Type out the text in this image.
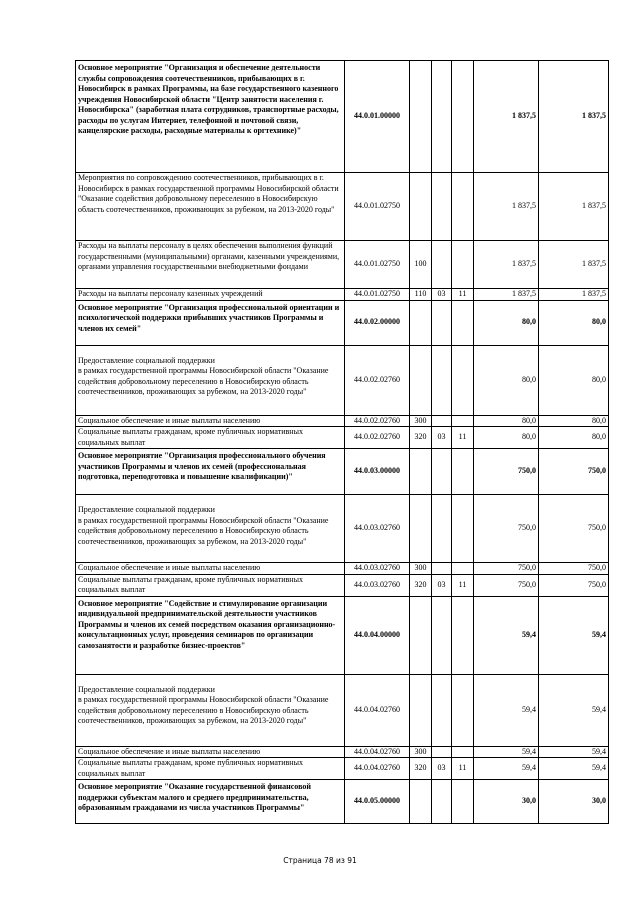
Основное мероприятие "Организация и обеспечение деятельности службы сопровождения соотечественников, прибывающих в г. Новосибирск в рамках Программы, на базе государственного казенного учреждения Новосибирской области "Центр занятости населения г. Новосибирска" (заработная плата сотрудников, транспортные расходы, расходы по услугам Интернет, телефонной и почтовой связи, канцелярские расходы, расходные материалы к оргтехнике)"	44.0.01.00000				1 837,5	1 837,5
Мероприятия по сопровождению соотечественников, прибывающих в г. Новосибирск в рамках государственной программы Новосибирской области "Оказание содействия добровольному переселению в Новосибирскую область соотечественников, проживающих за рубежом, на 2013-2020 годы"	44.0.01.02750				1 837,5	1 837,5
Расходы на выплаты персоналу в целях обеспечения выполнения функций государственными (муниципальными) органами, казенными учреждениями, органами управления государственными внебюджетными фондами	44.0.01.02750	100			1 837,5	1 837,5
Расходы на выплаты персоналу казенных учреждений	44.0.01.02750	110	03	11	1 837,5	1 837,5
Основное мероприятие "Организация профессиональной ориентации и психологической поддержки прибывших участников Программы и членов их семей"	44.0.02.00000				80,0	80,0
Предоставление социальной поддержки
в рамках государственной программы Новосибирской области "Оказание содействия добровольному переселению в Новосибирскую область соотечественников, проживающих за рубежом, на 2013-2020 годы"	44.0.02.02760				80,0	80,0
Социальное обеспечение и иные выплаты населению	44.0.02.02760	300			80,0	80,0
Социальные выплаты гражданам, кроме публичных нормативных социальных выплат	44.0.02.02760	320	03	11	80,0	80,0
Основное мероприятие "Организация профессионального обучения участников Программы и членов их семей (профессиональная подготовка, переподготовка и повышение квалификации)"	44.0.03.00000				750,0	750,0
Предоставление социальной поддержки
в рамках государственной программы Новосибирской области "Оказание содействия добровольному переселению в Новосибирскую область соотечественников, проживающих за рубежом, на 2013-2020 годы"	44.0.03.02760				750,0	750,0
Социальное обеспечение и иные выплаты населению	44.0.03.02760	300			750,0	750,0
Социальные выплаты гражданам, кроме публичных нормативных социальных выплат	44.0.03.02760	320	03	11	750,0	750,0
Основное мероприятие "Содействие и стимулирование организации индивидуальной предпринимательской деятельности участников Программы и членов их семей посредством оказания организационно-консультационных услуг, проведения семинаров по организации самозанятости и разработке бизнес-проектов"	44.0.04.00000				59,4	59,4
Предоставление социальной поддержки
в рамках государственной программы Новосибирской области "Оказание содействия добровольному переселению в Новосибирскую область соотечественников, проживающих за рубежом, на 2013-2020 годы"	44.0.04.02760				59,4	59,4
Социальное обеспечение и иные выплаты населению	44.0.04.02760	300			59,4	59,4
Социальные выплаты гражданам, кроме публичных нормативных социальных выплат	44.0.04.02760	320	03	11	59,4	59,4
Основное мероприятие "Оказание государственной финансовой поддержки субъектам малого и среднего предпринимательства, образованным гражданами из числа участников Программы"	44.0.05.00000				30,0	30,0
Страница 78 из 91
